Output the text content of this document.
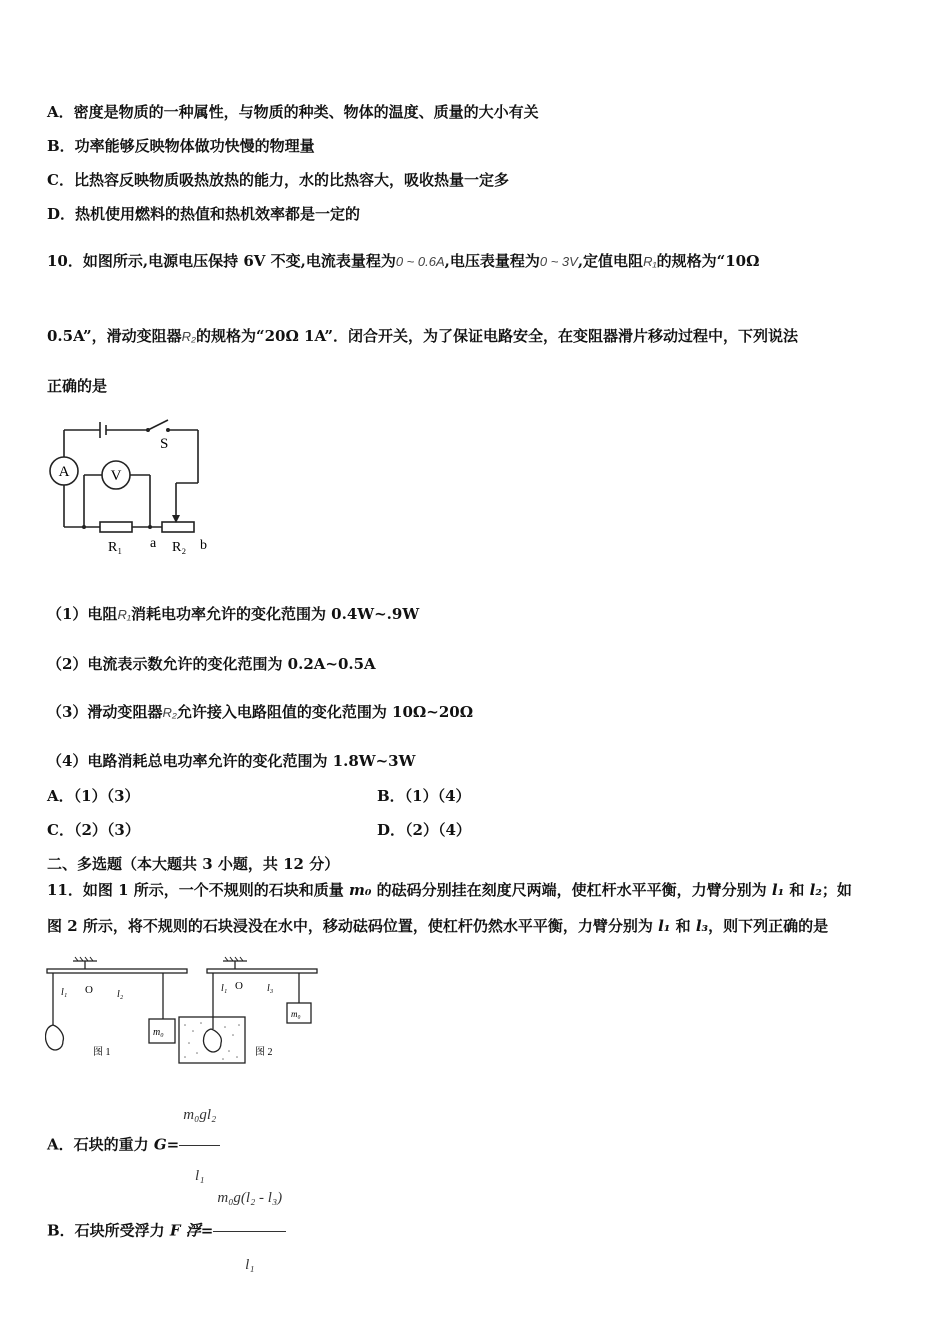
A．密度是物质的一种属性，与物质的种类、物体的温度、质量的大小有关
B．功率能够反映物体做功快慢的物理量
C．比热容反映物质吸热放热的能力，水的比热容大，吸收热量一定多
D．热机使用燃料的热值和热机效率都是一定的
10．如图所示,电源电压保持 6V 不变,电流表量程为0 ~ 0.6A,电压表量程为0 ~ 3V,定值电阻R₁的规格为“10Ω
0.5A”，滑动变阻器R₂的规格为“20Ω 1A”．闭合开关，为了保证电路安全，在变阻器滑片移动过程中，下列说法
正确的是
A	V
S
R₁ a R₂ b
（1）电阻R₁消耗电功率允许的变化范围为 0.4W~.9W
（2）电流表示数允许的变化范围为 0.2A~0.5A
（3）滑动变阻器R₂允许接入电路阻值的变化范围为 10Ω~20Ω
（4）电路消耗总电功率允许的变化范围为 1.8W~3W
A．（1）（3）	B．（1）（4）
C．（2）（3）	D．（2）（4）
二、多选题（本大题共 3 小题，共 12 分）
11．如图 1 所示，一个不规则的石块和质量 m₀ 的砝码分别挂在刻度尺两端，使杠杆水平平衡，力臂分别为 l₁ 和 l₂；如
图 2 所示，将不规则的石块浸没在水中，移动砝码位置，使杠杆仍然水平平衡，力臂分别为 l₁ 和 l₃，则下列正确的是
l₁ O l₂
m₀
图 1
l₁ O l₃
m₀
图 2
A．石块的重力 $G= \frac{\text{m₀gl₂}}{\text{l₁}}$
B．石块所受浮力 F 浮= $\frac{\text{m₀g(l₂ - l₃)}}{\text{l₁}}$
